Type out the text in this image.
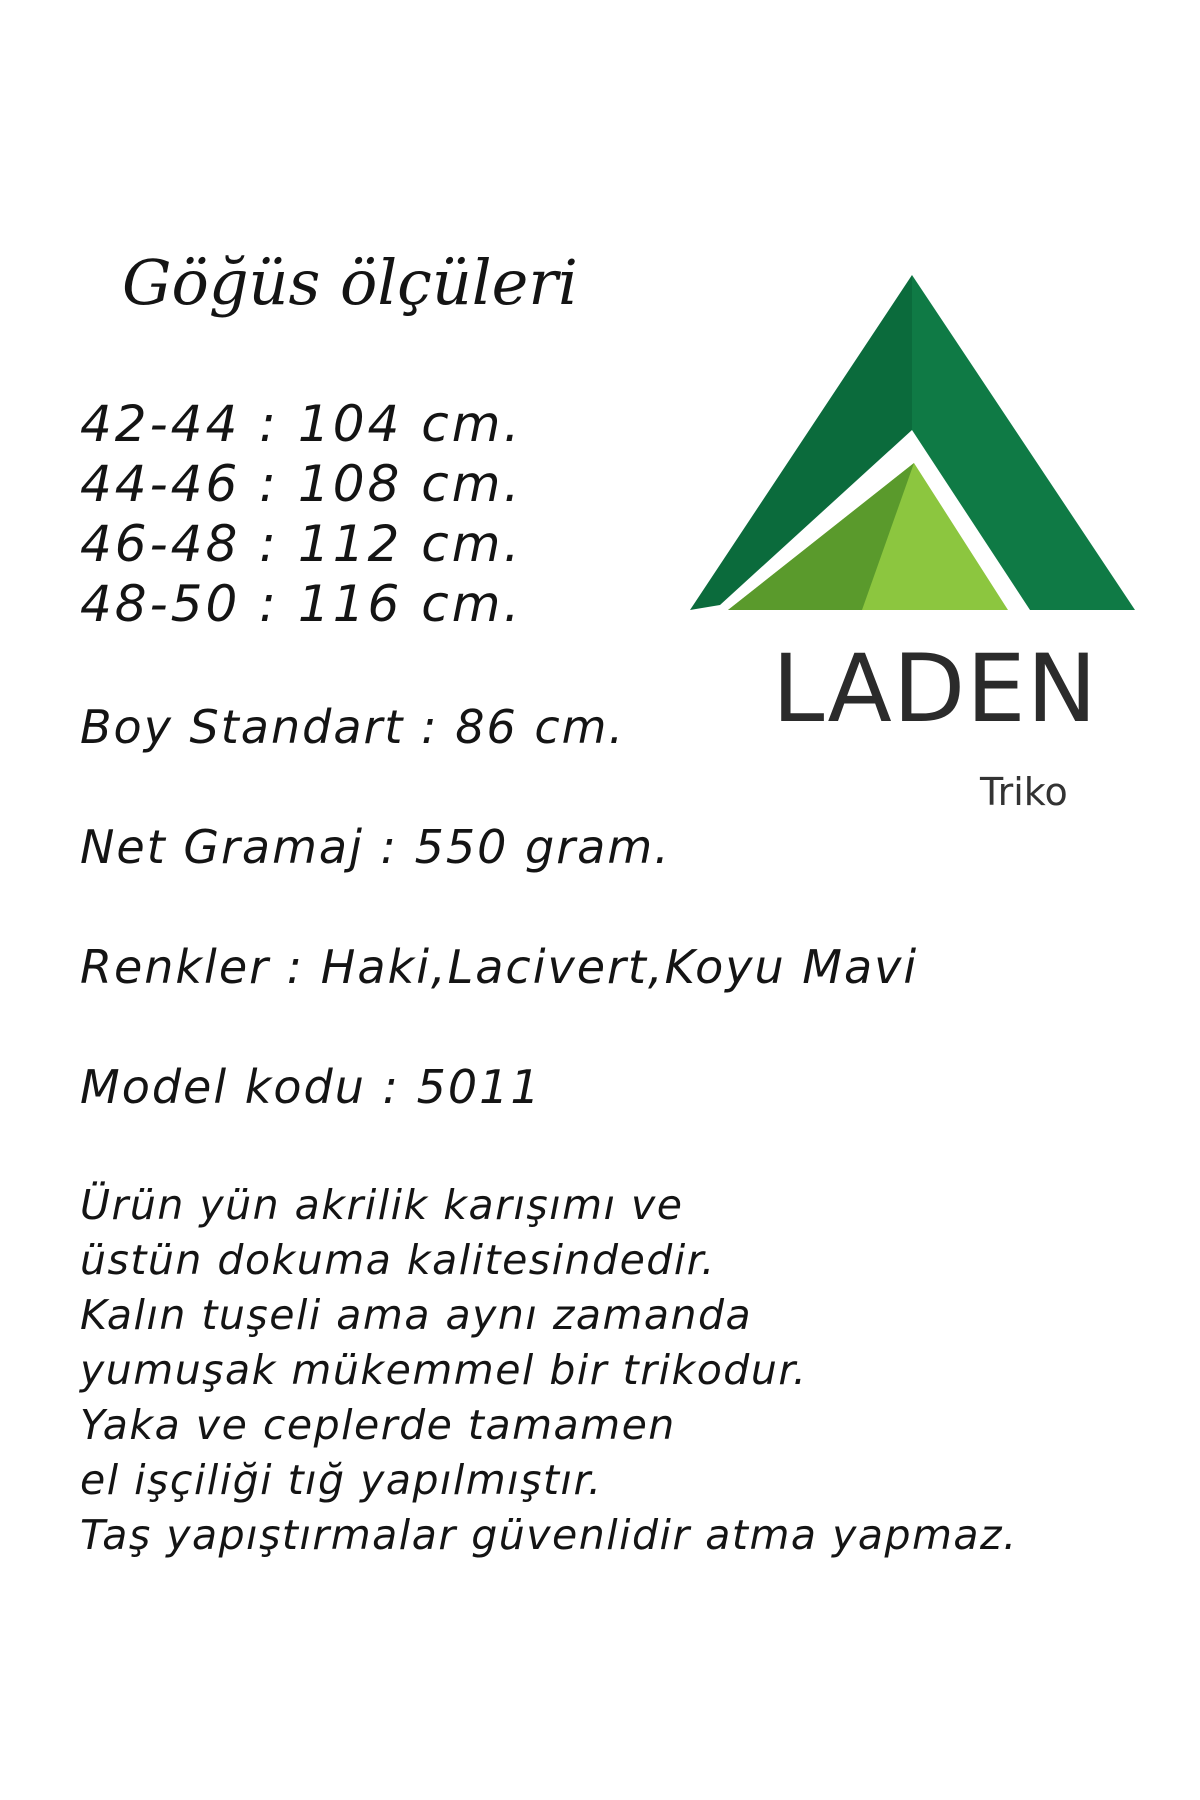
Göğüs ölçüleri
42-44 : 104 cm.
44-46 : 108 cm.
46-48 : 112 cm.
48-50 : 116 cm.

Boy Standart : 86 cm.

Net Gramaj : 550 gram.

Renkler : Haki,Lacivert,Koyu Mavi

Model kodu : 5011

Ürün yün akrilik karışımı ve

üstün dokuma kalitesindedir.

Kalın tuşeli ama aynı zamanda

yumuşak mükemmel bir trikodur.

Yaka ve ceplerde tamamen

el işçiliği tığ yapılmıştır.

Taş yapıştırmalar güvenlidir atma yapmaz.

LADEN
Triko
